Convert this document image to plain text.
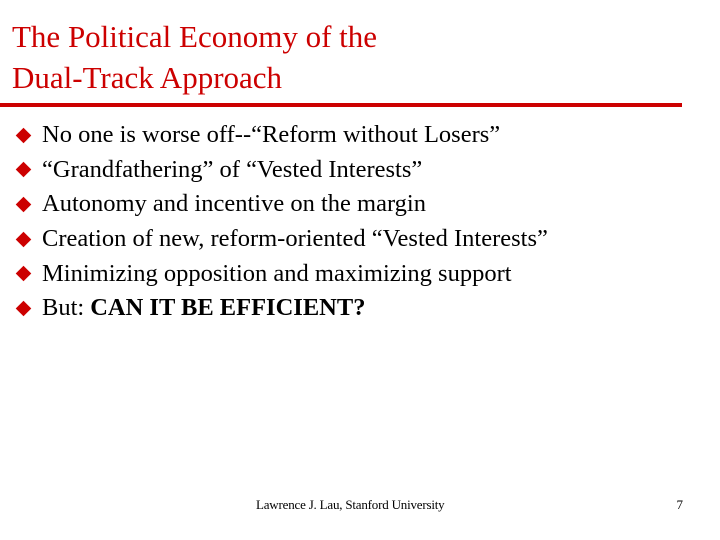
The Political Economy of the
Dual-Track Approach
No one is worse off--“Reform without Losers”
“Grandfathering” of “Vested Interests”
Autonomy and incentive on the margin
Creation of new, reform-oriented “Vested Interests”
Minimizing opposition and maximizing support
But: CAN IT BE EFFICIENT?
Lawrence J. Lau, Stanford University	7
